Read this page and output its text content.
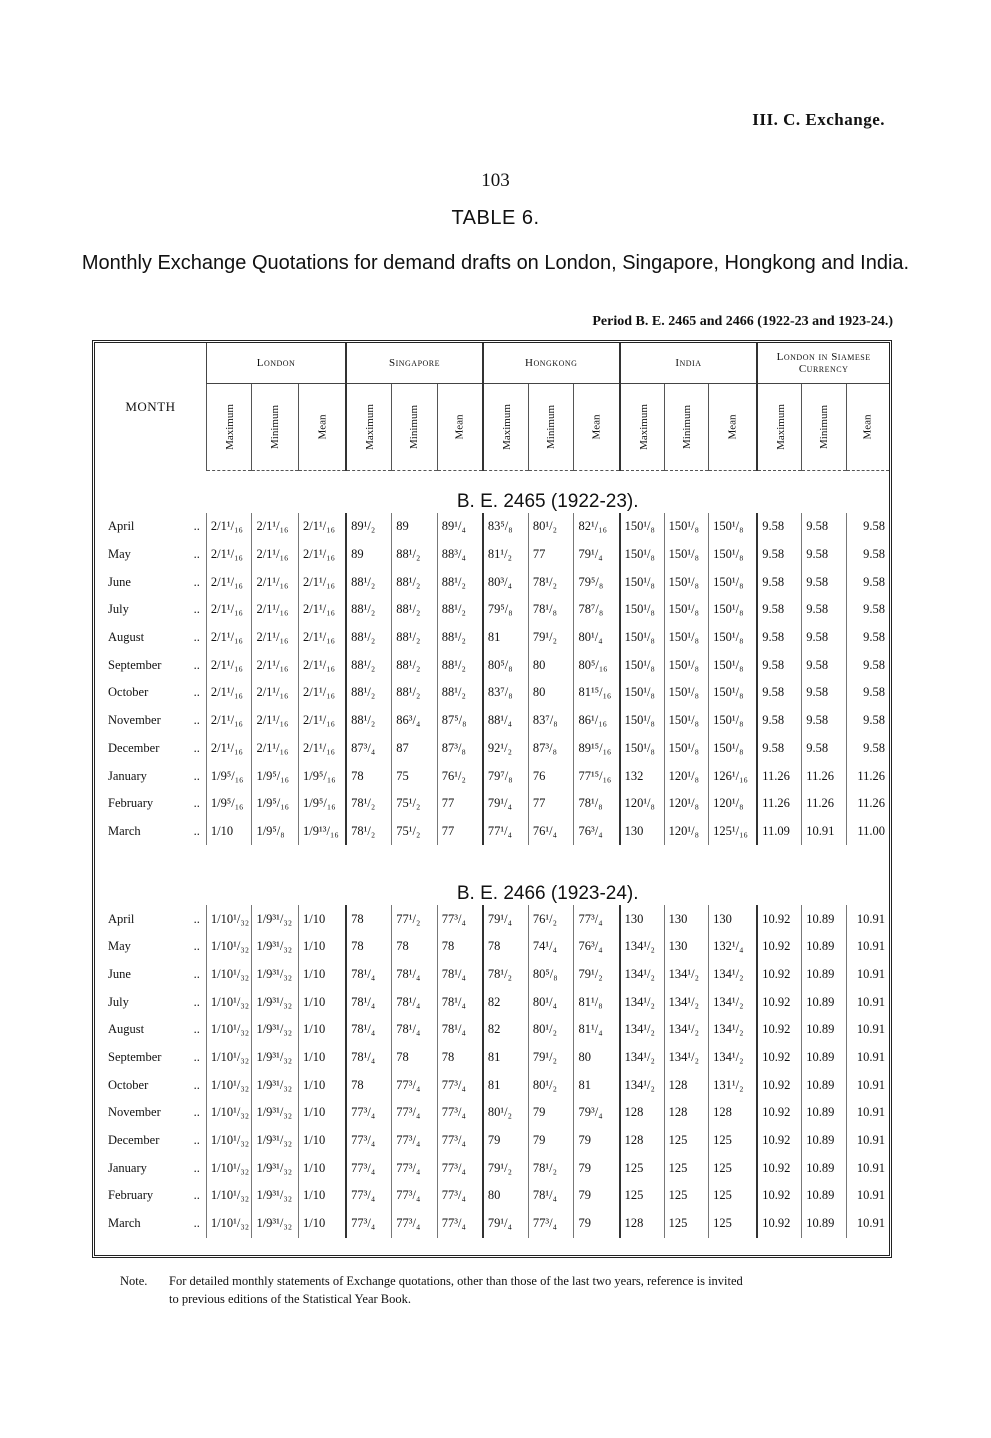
III. C. Exchange.
103
TABLE 6.
Monthly Exchange Quotations for demand drafts on London, Singapore, Hongkong and India.
Period B. E. 2465 and 2466 (1922-23 and 1923-24.)
MONTH	London			Singapore			Hongkong			India			London in Siamese Currency		
	Maximum	Minimum	Mean	Maximum	Minimum	Mean	Maximum	Minimum	Mean	Maximum	Minimum	Mean	Maximum	Minimum	Mean
	B. E. 2465 (1922-23).														

..
April	2/1¹/₁₆	2/1¹/₁₆	2/1¹/₁₆	89¹/₂	89	89¹/₄	83⁵/₈	80¹/₂	82¹/₁₆	150¹/₈	150¹/₈	150¹/₈	9.58	9.58	9.58

..
May	2/1¹/₁₆	2/1¹/₁₆	2/1¹/₁₆	89	88¹/₂	88³/₄	81¹/₂	77	79¹/₄	150¹/₈	150¹/₈	150¹/₈	9.58	9.58	9.58

..
June	2/1¹/₁₆	2/1¹/₁₆	2/1¹/₁₆	88¹/₂	88¹/₂	88¹/₂	80³/₄	78¹/₂	79⁵/₈	150¹/₈	150¹/₈	150¹/₈	9.58	9.58	9.58

..
July	2/1¹/₁₆	2/1¹/₁₆	2/1¹/₁₆	88¹/₂	88¹/₂	88¹/₂	79⁵/₈	78¹/₈	78⁷/₈	150¹/₈	150¹/₈	150¹/₈	9.58	9.58	9.58

..
August	2/1¹/₁₆	2/1¹/₁₆	2/1¹/₁₆	88¹/₂	88¹/₂	88¹/₂	81	79¹/₂	80¹/₄	150¹/₈	150¹/₈	150¹/₈	9.58	9.58	9.58

..
September	2/1¹/₁₆	2/1¹/₁₆	2/1¹/₁₆	88¹/₂	88¹/₂	88¹/₂	80⁵/₈	80	80⁵/₁₆	150¹/₈	150¹/₈	150¹/₈	9.58	9.58	9.58

..
October	2/1¹/₁₆	2/1¹/₁₆	2/1¹/₁₆	88¹/₂	88¹/₂	88¹/₂	83⁷/₈	80	81¹⁵/₁₆	150¹/₈	150¹/₈	150¹/₈	9.58	9.58	9.58

..
November	2/1¹/₁₆	2/1¹/₁₆	2/1¹/₁₆	88¹/₂	86³/₄	87⁵/₈	88¹/₄	83⁷/₈	86¹/₁₆	150¹/₈	150¹/₈	150¹/₈	9.58	9.58	9.58

..
December	2/1¹/₁₆	2/1¹/₁₆	2/1¹/₁₆	87³/₄	87	87³/₈	92¹/₂	87³/₈	89¹⁵/₁₆	150¹/₈	150¹/₈	150¹/₈	9.58	9.58	9.58

..
January	1/9⁵/₁₆	1/9⁵/₁₆	1/9⁵/₁₆	78	75	76¹/₂	79⁷/₈	76	77¹⁵/₁₆	132	120¹/₈	126¹/₁₆	11.26	11.26	11.26

..
February	1/9⁵/₁₆	1/9⁵/₁₆	1/9⁵/₁₆	78¹/₂	75¹/₂	77	79¹/₄	77	78¹/₈	120¹/₈	120¹/₈	120¹/₈	11.26	11.26	11.26

..
March	1/10	1/9⁵/₈	1/9¹³/₁₆	78¹/₂	75¹/₂	77	77¹/₄	76¹/₄	76³/₄	130	120¹/₈	125¹/₁₆	11.09	10.91	11.00

	B. E. 2466 (1923-24).														

..
April	1/10¹/₃₂	1/9³¹/₃₂	1/10	78	77¹/₂	77³/₄	79¹/₄	76¹/₂	77³/₄	130	130	130	10.92	10.89	10.91

..
May	1/10¹/₃₂	1/9³¹/₃₂	1/10	78	78	78	78	74¹/₄	76³/₄	134¹/₂	130	132¹/₄	10.92	10.89	10.91

..
June	1/10¹/₃₂	1/9³¹/₃₂	1/10	78¹/₄	78¹/₄	78¹/₄	78¹/₂	80⁵/₈	79¹/₂	134¹/₂	134¹/₂	134¹/₂	10.92	10.89	10.91

..
July	1/10¹/₃₂	1/9³¹/₃₂	1/10	78¹/₄	78¹/₄	78¹/₄	82	80¹/₄	81¹/₈	134¹/₂	134¹/₂	134¹/₂	10.92	10.89	10.91

..
August	1/10¹/₃₂	1/9³¹/₃₂	1/10	78¹/₄	78¹/₄	78¹/₄	82	80¹/₂	81¹/₄	134¹/₂	134¹/₂	134¹/₂	10.92	10.89	10.91

..
September	1/10¹/₃₂	1/9³¹/₃₂	1/10	78¹/₄	78	78	81	79¹/₂	80	134¹/₂	134¹/₂	134¹/₂	10.92	10.89	10.91

..
October	1/10¹/₃₂	1/9³¹/₃₂	1/10	78	77³/₄	77³/₄	81	80¹/₂	81	134¹/₂	128	131¹/₂	10.92	10.89	10.91

..
November	1/10¹/₃₂	1/9³¹/₃₂	1/10	77³/₄	77³/₄	77³/₄	80¹/₂	79	79³/₄	128	128	128	10.92	10.89	10.91

..
December	1/10¹/₃₂	1/9³¹/₃₂	1/10	77³/₄	77³/₄	77³/₄	79	79	79	128	125	125	10.92	10.89	10.91

..
January	1/10¹/₃₂	1/9³¹/₃₂	1/10	77³/₄	77³/₄	77³/₄	79¹/₂	78¹/₂	79	125	125	125	10.92	10.89	10.91

..
February	1/10¹/₃₂	1/9³¹/₃₂	1/10	77³/₄	77³/₄	77³/₄	80	78¹/₄	79	125	125	125	10.92	10.89	10.91

..
March	1/10¹/₃₂	1/9³¹/₃₂	1/10	77³/₄	77³/₄	77³/₄	79¹/₄	77³/₄	79	128	125	125	10.92	10.89	10.91
Note. For detailed monthly statements of Exchange quotations, other than those of the last two years, reference is invited
to previous editions of the Statistical Year Book.
